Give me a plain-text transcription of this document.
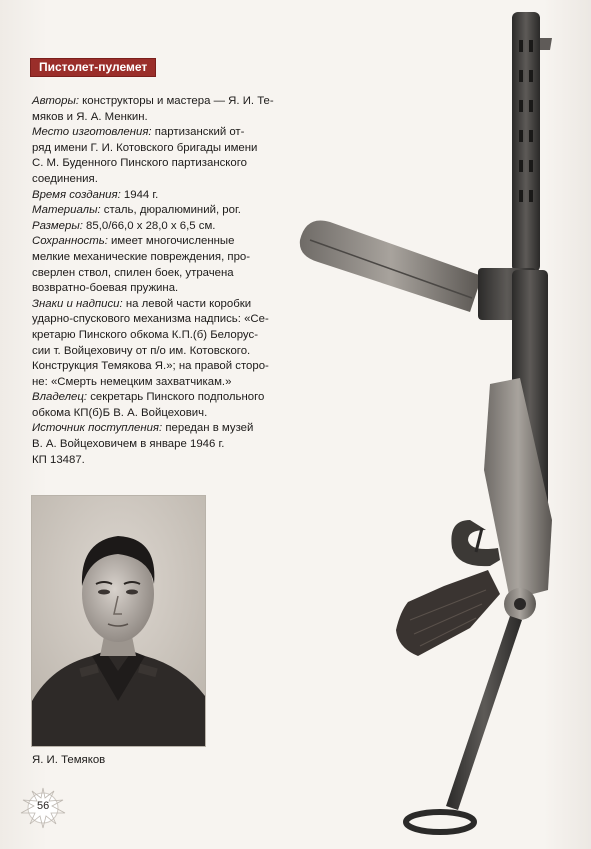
Пистолет-пулемет

Авторы: конструкторы и мастера — Я. И. Те-

мяков и Я. А. Менкин.

Место изготовления: партизанский от-

ряд имени Г. И. Котовского бригады имени

С. М. Буденного Пинского партизанского

соединения.

Время создания: 1944 г.

Материалы: сталь, дюралюминий, рог.

Размеры: 85,0/66,0 х 28,0 х 6,5 см.

Сохранность: имеет многочисленные

мелкие механические повреждения, про-

сверлен ствол, спилен боек, утрачена

возвратно-боевая пружина.

Знаки и надписи: на левой части коробки

ударно-спускового механизма надпись: «Се-

кретарю Пинского обкома К.П.(б) Белорус-

сии т. Войцеховичу от п/о им. Котовского.

Конструкция Темякова Я.»; на правой сторо-

не: «Смерть немецким захватчикам.»

Владелец: секретарь Пинского подпольного

обкома КП(б)Б В. А. Войцехович.

Источник поступления: передан в музей

В. А. Войцеховичем в январе 1946 г.

КП 13487.

Я. И. Темяков
56
